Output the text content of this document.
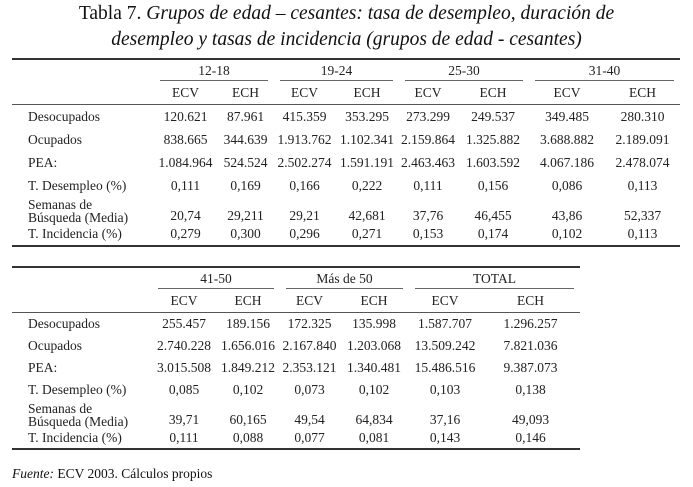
Tabla 7. Grupos de edad – cesantes: tasa de desempleo, duración de
desempleo y tasas de incidencia (grupos de edad - cesantes)

	12-18		19-24		25-30		31-40	

	ECV	ECH	ECV	ECH	ECV	ECH	ECV	ECH
Desocupados	120.621	87.961	415.359	353.295	273.299	249.537	349.485	280.310
Ocupados	838.665	344.639	1.913.762	1.102.341	2.159.864	1.325.882	3.688.882	2.189.091
PEA:	1.084.964	524.524	2.502.274	1.591.191	2.463.463	1.603.592	4.067.186	2.478.074
T. Desempleo (%)	0,111	0,169	0,166	0,222	0,111	0,156	0,086	0,113

Semanas de
Búsqueda (Media)	20,74	29,211	29,21	42,681	37,76	46,455	43,86	52,337
T. Incidencia (%)	0,279	0,300	0,296	0,271	0,153	0,174	0,102	0,113

	41-50		Más de 50		TOTAL	

	ECV	ECH	ECV	ECH	ECV	ECH
Desocupados	255.457	189.156	172.325	135.998	1.587.707	1.296.257
Ocupados	2.740.228	1.656.016	2.167.840	1.203.068	13.509.242	7.821.036
PEA:	3.015.508	1.849.212	2.353.121	1.340.481	15.486.516	9.387.073
T. Desempleo (%)	0,085	0,102	0,073	0,102	0,103	0,138

Semanas de
Búsqueda (Media)	39,71	60,165	49,54	64,834	37,16	49,093
T. Incidencia (%)	0,111	0,088	0,077	0,081	0,143	0,146
Fuente: ECV 2003. Cálculos propios
